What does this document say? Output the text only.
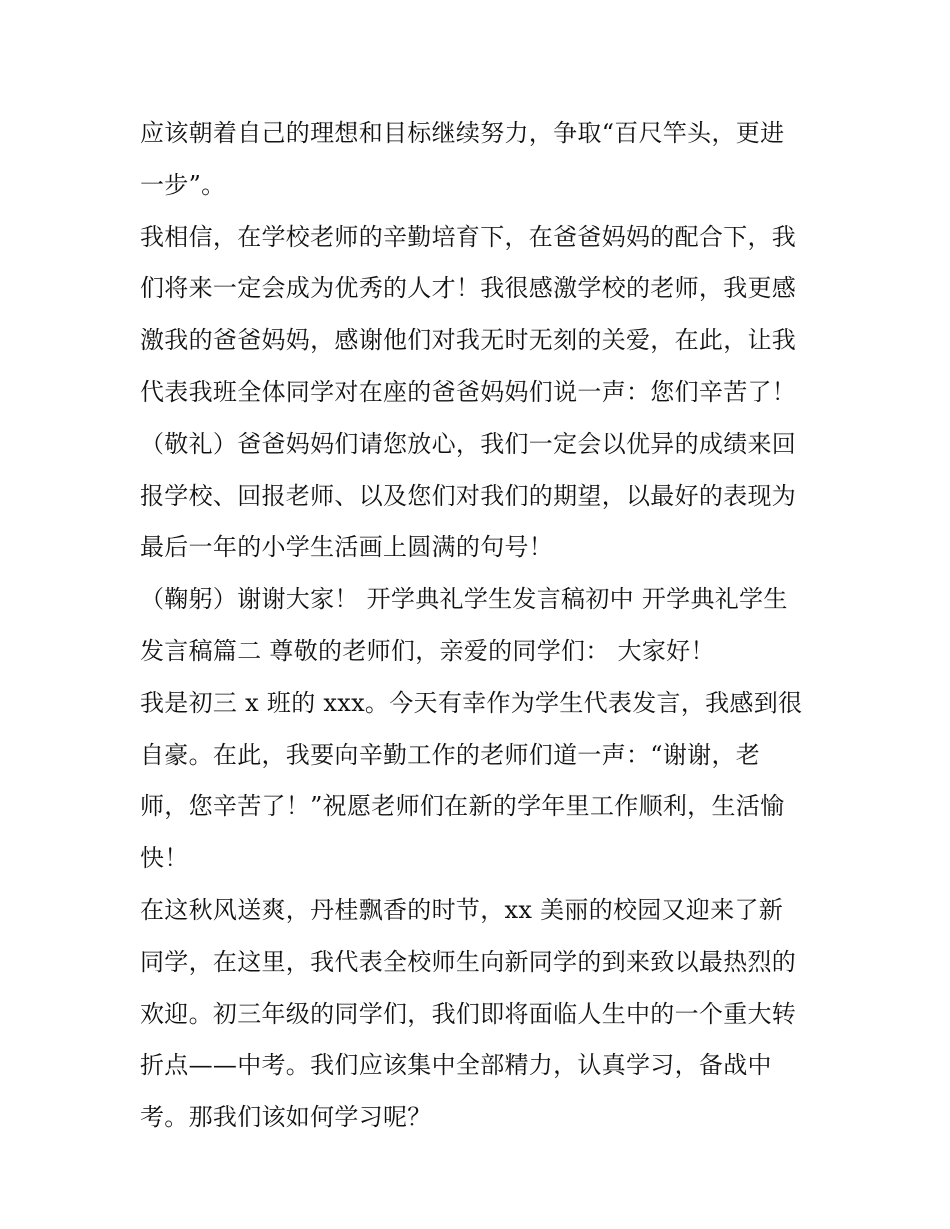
应该朝着自己的理想和目标继续努力，争取“百尺竿头，更进
一步”。
我相信，在学校老师的辛勤培育下，在爸爸妈妈的配合下，我
们将来一定会成为优秀的人才！我很感激学校的老师，我更感
激我的爸爸妈妈，感谢他们对我无时无刻的关爱，在此，让我
代表我班全体同学对在座的爸爸妈妈们说一声：您们辛苦了！
（敬礼）爸爸妈妈们请您放心，我们一定会以优异的成绩来回
报学校、回报老师、以及您们对我们的期望，以最好的表现为
最后一年的小学生活画上圆满的句号！
（鞠躬）谢谢大家！ 开学典礼学生发言稿初中 开学典礼学生
发言稿篇二 尊敬的老师们，亲爱的同学们： 大家好！
我是初三 x 班的 xxx。今天有幸作为学生代表发言，我感到很
自豪。在此，我要向辛勤工作的老师们道一声：“谢谢，老
师，您辛苦了！”祝愿老师们在新的学年里工作顺利，生活愉
快！
在这秋风送爽，丹桂飘香的时节，xx 美丽的校园又迎来了新
同学，在这里，我代表全校师生向新同学的到来致以最热烈的
欢迎。初三年级的同学们，我们即将面临人生中的一个重大转
折点——中考。我们应该集中全部精力，认真学习，备战中
考。那我们该如何学习呢？
